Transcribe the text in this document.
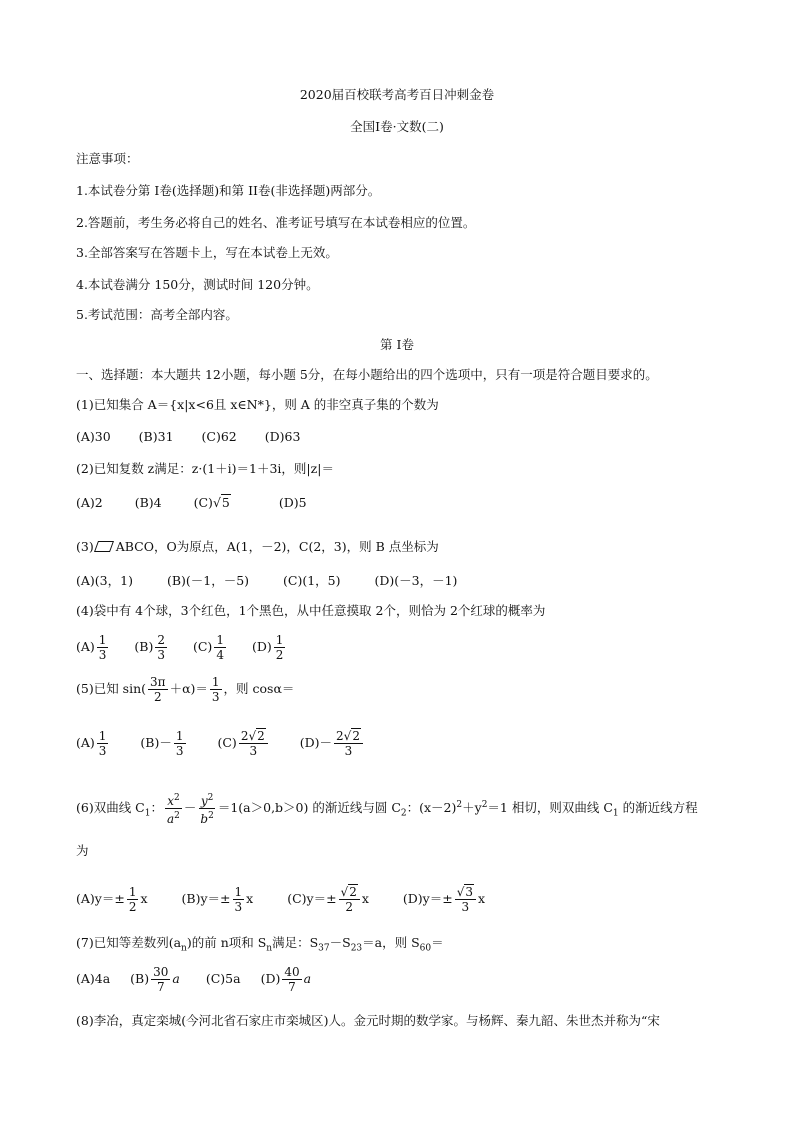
2020届百校联考高考百日冲刺金卷
全国I卷·文数(二)
注意事项：
1.本试卷分第 I卷(选择题)和第 II卷(非选择题)两部分。
2.答题前，考生务必将自己的姓名、准考证号填写在本试卷相应的位置。
3.全部答案写在答题卡上，写在本试卷上无效。
4.本试卷满分 150分，测试时间 120分钟。
5.考试范围：高考全部内容。
第 I卷
一、选择题：本大题共 12小题，每小题 5分，在每小题给出的四个选项中，只有一项是符合题目要求的。
(1)已知集合 A＝{x|x<6且 x∈N*}，则 A 的非空真子集的个数为
(A)30 (B)31 (C)62 (D)63
(2)已知复数 z满足：z·(1＋i)＝1＋3i，则|z|＝
(A)2	(B)4	(C)√5	(D)5
(3) ABCO，O为原点，A(1，－2)，C(2，3)，则 B 点坐标为
(A)(3，1)	(B)(－1，－5)	(C)(1，5)	(D)(－3，－1)
(4)袋中有 4个球，3个红色，1个黑色，从中任意摸取 2个，则恰为 2个红球的概率为
$(A) \frac{1}{3} (B) \frac{2}{3} (C) \frac{1}{4} (D) \frac{1}{2}$
(5)已知 $\sin( \frac{3\pi}{2} +\alpha)= \frac{1}{3}$ ，则 cosα＝
$(A) \frac{1}{3}$	$(B)- \frac{1}{3}$	$(C) \frac{2√2}{3}$	$(D)- \frac{2√2}{3}$
(6)双曲线 $C_1$： $\frac{x^2}{a^2} - \frac{y^2}{b^2} =1(a>0,b>0)$ 的渐近线与圆 $C_2$：$(x-2)^2+y^2=1$ 相切，则双曲线 $C_1$ 的渐近线方程
为
$(A)y=\pm \frac{1}{2}$ x	$(B)y=\pm \frac{1}{3}$ x	$(C)y=\pm \frac{√2}{2}$ x	$(D)y=\pm \frac{√3}{3}$ x
(7)已知等差数列$(a_n)$的前 n项和 $S_n$满足：$S_{37}-S_{23}=a$，则 $S_{60}=$
(A)4a $(B) \frac{30}{7}$ a (C)5a $(D) \frac{40}{7}$ a
(8)李冶，真定栾城(今河北省石家庄市栾城区)人。金元时期的数学家。与杨辉、秦九韶、朱世杰并称为“宋
